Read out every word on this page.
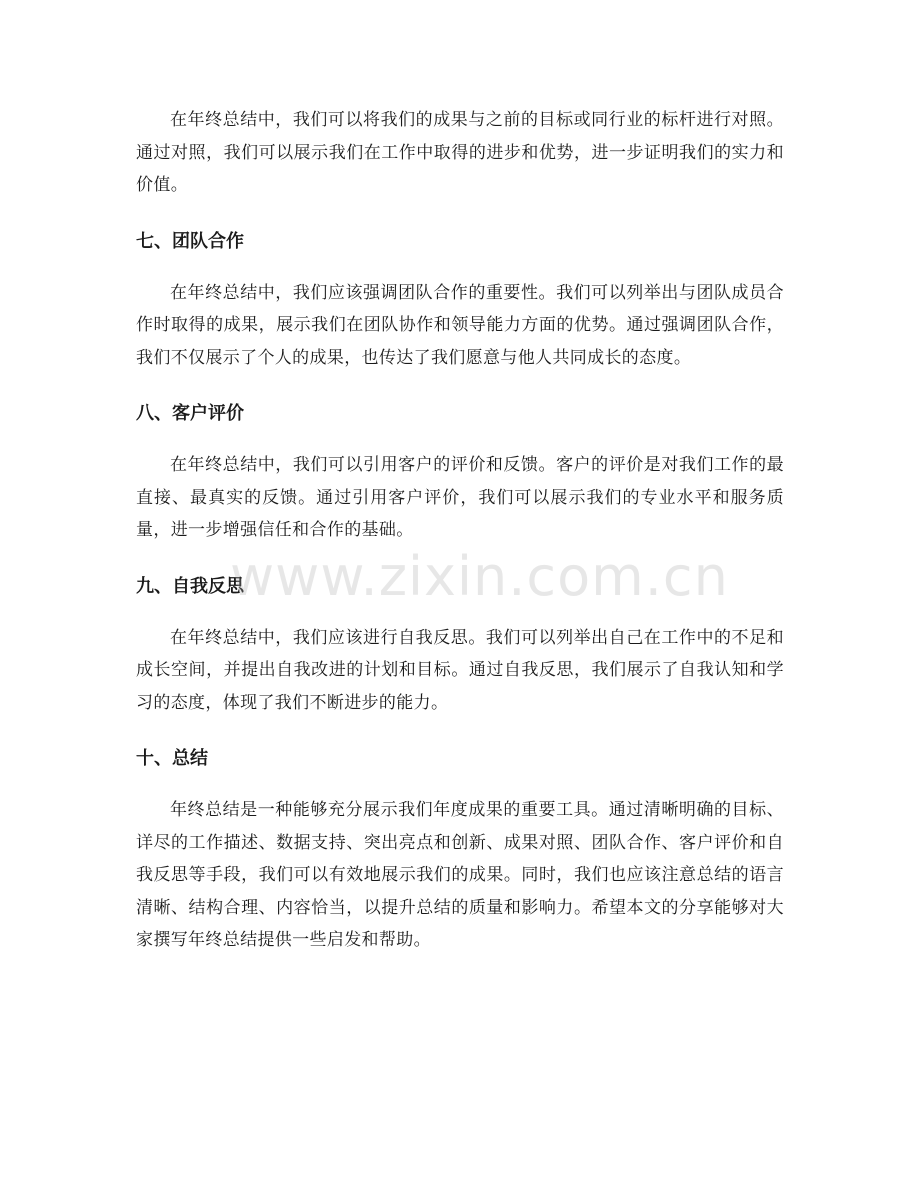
在年终总结中，我们可以将我们的成果与之前的目标或同行业的标杆进行对照。通过对照，我们可以展示我们在工作中取得的进步和优势，进一步证明我们的实力和价值。

七、团队合作

在年终总结中，我们应该强调团队合作的重要性。我们可以列举出与团队成员合作时取得的成果，展示我们在团队协作和领导能力方面的优势。通过强调团队合作，我们不仅展示了个人的成果，也传达了我们愿意与他人共同成长的态度。

八、客户评价

在年终总结中，我们可以引用客户的评价和反馈。客户的评价是对我们工作的最直接、最真实的反馈。通过引用客户评价，我们可以展示我们的专业水平和服务质量，进一步增强信任和合作的基础。

九、自我反思

在年终总结中，我们应该进行自我反思。我们可以列举出自己在工作中的不足和成长空间，并提出自我改进的计划和目标。通过自我反思，我们展示了自我认知和学习的态度，体现了我们不断进步的能力。

十、总结

年终总结是一种能够充分展示我们年度成果的重要工具。通过清晰明确的目标、详尽的工作描述、数据支持、突出亮点和创新、成果对照、团队合作、客户评价和自我反思等手段，我们可以有效地展示我们的成果。同时，我们也应该注意总结的语言清晰、结构合理、内容恰当，以提升总结的质量和影响力。希望本文的分享能够对大家撰写年终总结提供一些启发和帮助。

www.zixin.com.cn
